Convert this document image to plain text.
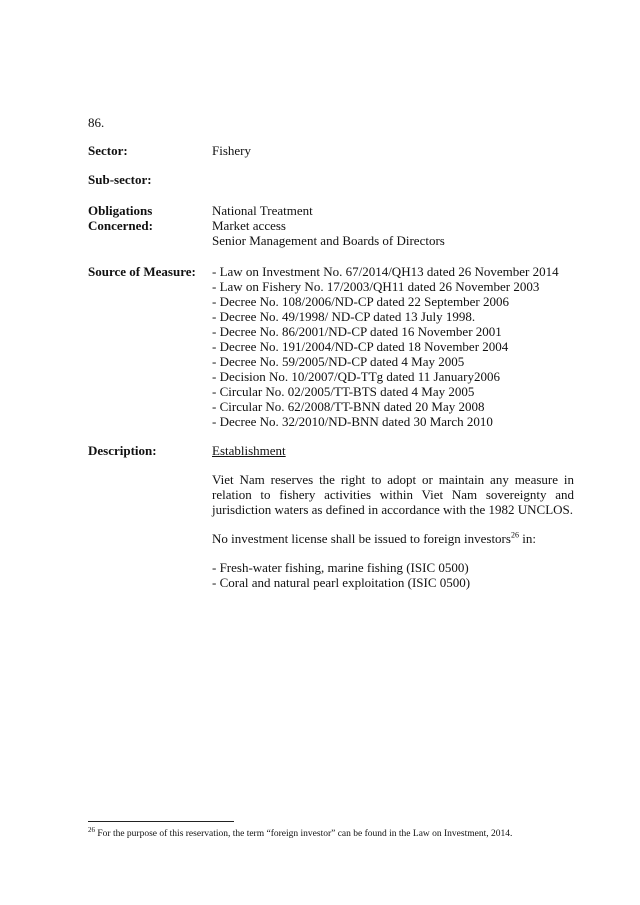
86.
Sector:	Fishery
Sub-sector:
Obligations
Concerned:
National Treatment
Market access
Senior Management and Boards of Directors
Source of Measure:	- Law on Investment No. 67/2014/QH13 dated 26 November 2014
- Law on Fishery No. 17/2003/QH11 dated 26 November 2003
- Decree No. 108/2006/ND-CP dated 22 September 2006
- Decree No. 49/1998/ ND-CP dated 13 July 1998.
- Decree No. 86/2001/ND-CP dated 16 November 2001
- Decree No. 191/2004/ND-CP dated 18 November 2004
- Decree No. 59/2005/ND-CP dated 4 May 2005
- Decision No. 10/2007/QD-TTg dated 11 January2006
- Circular No. 02/2005/TT-BTS dated 4 May 2005
- Circular No. 62/2008/TT-BNN dated 20 May 2008
- Decree No. 32/2010/ND-BNN dated 30 March 2010
Description:	Establishment

Viet Nam reserves the right to adopt or maintain any measure in relation to fishery activities within Viet Nam sovereignty and jurisdiction waters as defined in accordance with the 1982 UNCLOS.

No investment license shall be issued to foreign investors$^{26}$ in:

- Fresh-water fishing, marine fishing (ISIC 0500)
- Coral and natural pearl exploitation (ISIC 0500)
$^{26}$ For the purpose of this reservation, the term “foreign investor” can be found in the Law on Investment, 2014.
